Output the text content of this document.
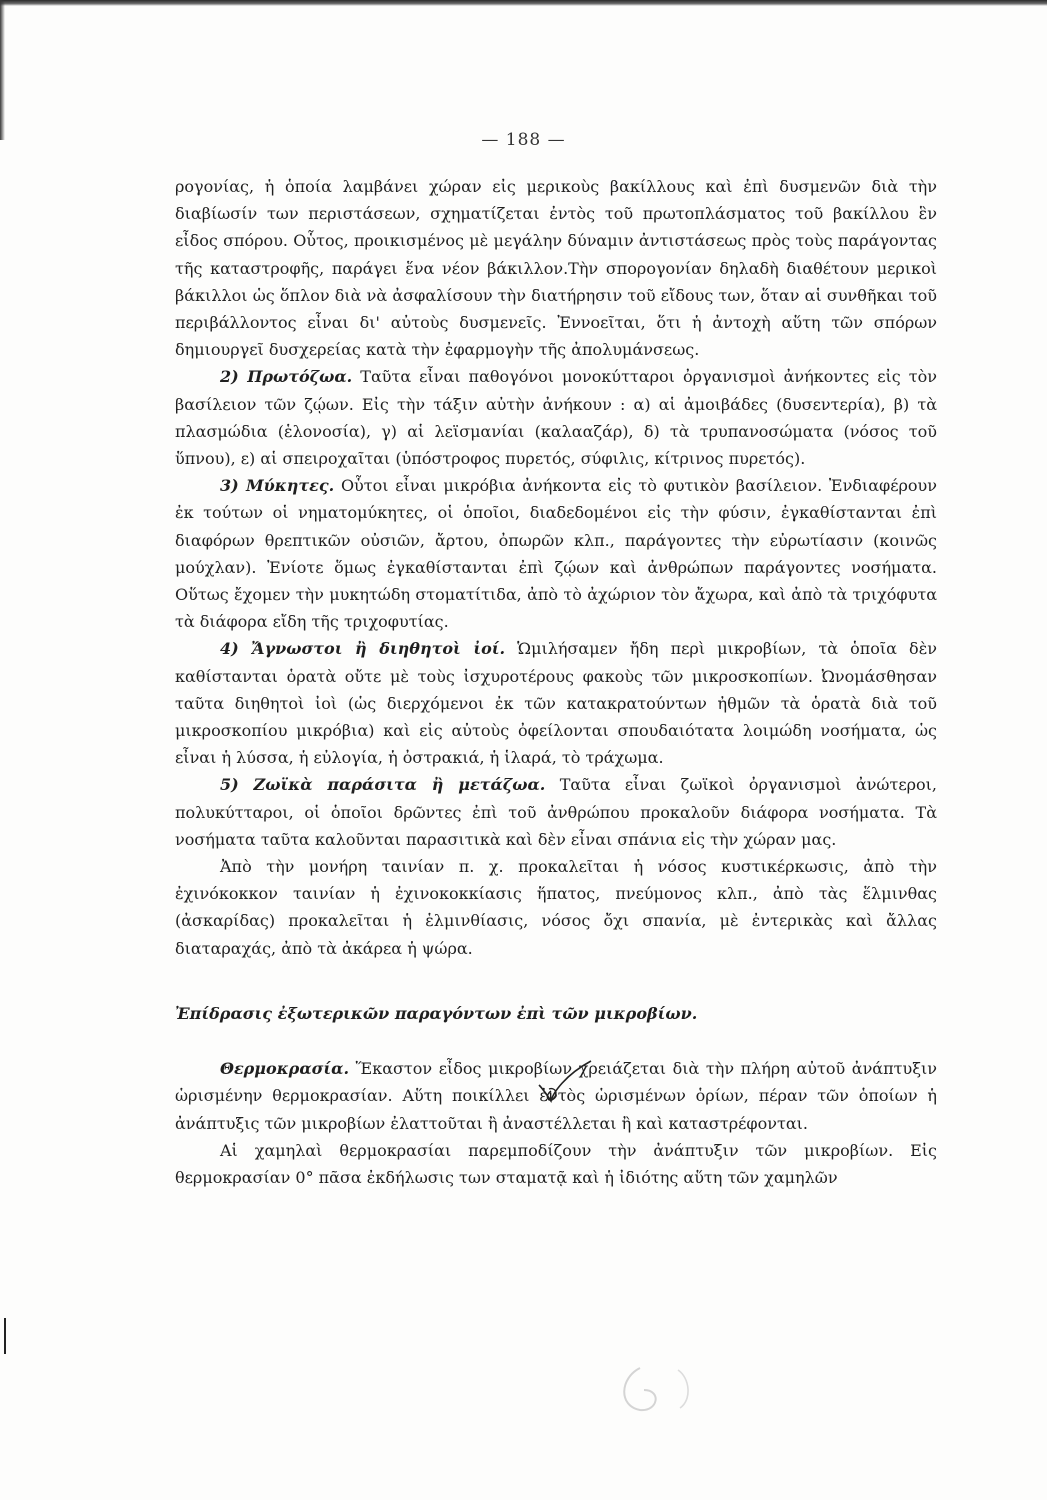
— 188 —

ρογονίας, ἡ ὁποία λαμβάνει χώραν εἰς μερικοὺς βακίλλους καὶ ἐπὶ δυσμενῶν διὰ τὴν διαβίωσίν των περιστάσεων, σχηματίζεται ἐντὸς τοῦ πρωτοπλάσματος τοῦ βακίλλου ἓν εἶδος σπόρου. Οὗτος, προικισμένος μὲ μεγάλην δύναμιν ἀντιστάσεως πρὸς τοὺς παράγοντας τῆς καταστροφῆς, παράγει ἕνα νέον βάκιλλον.Τὴν σπορογονίαν δηλαδὴ διαθέτουν μερικοὶ βάκιλλοι ὡς ὅπλον διὰ νὰ ἀσφαλίσουν τὴν διατήρησιν τοῦ εἴδους των, ὅταν αἱ συνθῆκαι τοῦ περιβάλλοντος εἶναι δι' αὐτοὺς δυσμενεῖς. Ἐννοεῖται, ὅτι ἡ ἀντοχὴ αὕτη τῶν σπόρων δημιουργεῖ δυσχερείας κατὰ τὴν ἐφαρμογὴν τῆς ἀπολυμάνσεως.

2) Πρωτόζωα. Ταῦτα εἶναι παθογόνοι μονοκύτταροι ὀργανισμοὶ ἀνήκοντες εἰς τὸν βασίλειον τῶν ζῴων. Εἰς τὴν τάξιν αὐτὴν ἀνήκουν : α) αἱ ἀμοιβάδες (δυσεντερία), β) τὰ πλασμώδια (ἑλονοσία), γ) αἱ λεϊσμανίαι (καλααζάρ), δ) τὰ τρυπανοσώματα (νόσος τοῦ ὕπνου), ε) αἱ σπειροχαῖται (ὑπόστροφος πυρετός, σύφιλις, κίτρινος πυρετός).

3) Μύκητες. Οὗτοι εἶναι μικρόβια ἀνήκοντα εἰς τὸ φυτικὸν βασίλειον. Ἐνδιαφέρουν ἐκ τούτων οἱ νηματομύκητες, οἱ ὁποῖοι, διαδεδομένοι εἰς τὴν φύσιν, ἐγκαθίστανται ἐπὶ διαφόρων θρεπτικῶν οὐσιῶν, ἄρτου, ὀπωρῶν κλπ., παράγοντες τὴν εὐρωτίασιν (κοινῶς μούχλαν). Ἐνίοτε ὅμως ἐγκαθίστανται ἐπὶ ζῴων καὶ ἀνθρώπων παράγοντες νοσήματα. Οὕτως ἔχομεν τὴν μυκητώδη στοματίτιδα, ἀπὸ τὸ ἀχώριον τὸν ἄχωρα, καὶ ἀπὸ τὰ τριχόφυτα τὰ διάφορα εἴδη τῆς τριχοφυτίας.

4) Ἄγνωστοι ἢ διηθητοὶ ἰοί. Ὡμιλήσαμεν ἤδη περὶ μικροβίων, τὰ ὁποῖα δὲν καθίστανται ὁρατὰ οὔτε μὲ τοὺς ἰσχυροτέρους φακοὺς τῶν μικροσκοπίων. Ὠνομάσθησαν ταῦτα διηθητοὶ ἰοὶ (ὡς διερχόμενοι ἐκ τῶν κατακρατούντων ἠθμῶν τὰ ὁρατὰ διὰ τοῦ μικροσκοπίου μικρόβια) καὶ εἰς αὐτοὺς ὀφείλονται σπουδαιότατα λοιμώδη νοσήματα, ὡς εἶναι ἡ λύσσα, ἡ εὐλογία, ἡ ὀστρακιά, ἡ ἱλαρά, τὸ τράχωμα.

5) Ζωϊκὰ παράσιτα ἢ μετάζωα. Ταῦτα εἶναι ζωϊκοὶ ὀργανισμοὶ ἀνώτεροι, πολυκύτταροι, οἱ ὁποῖοι δρῶντες ἐπὶ τοῦ ἀνθρώπου προκαλοῦν διάφορα νοσήματα. Τὰ νοσήματα ταῦτα καλοῦνται παρασιτικὰ καὶ δὲν εἶναι σπάνια εἰς τὴν χώραν μας.

Ἀπὸ τὴν μονήρη ταινίαν π. χ. προκαλεῖται ἡ νόσος κυστικέρκωσις, ἀπὸ τὴν ἐχινόκοκκον ταινίαν ἡ ἐχινοκοκκίασις ἥπατος, πνεύμονος κλπ., ἀπὸ τὰς ἕλμινθας (ἀσκαρίδας) προκαλεῖται ἡ ἑλμινθίασις, νόσος ὄχι σπανία, μὲ ἐντερικὰς καὶ ἄλλας διαταραχάς, ἀπὸ τὰ ἀκάρεα ἡ ψώρα.

Ἐπίδρασις ἐξωτερικῶν παραγόντων ἐπὶ τῶν μικροβίων.

Θερμοκρασία. Ἕκαστον εἶδος μικροβίων χρειάζεται διὰ τὴν πλήρη αὐτοῦ ἀνάπτυξιν ὡρισμένην θερμοκρασίαν. Αὕτη ποικίλλει ἐντὸς ὡρισμένων ὁρίων, πέραν τῶν ὁποίων ἡ ἀνάπτυξις τῶν μικροβίων ἐλαττοῦται ἢ ἀναστέλλεται ἢ καὶ καταστρέφονται.

Αἱ χαμηλαὶ θερμοκρασίαι παρεμποδίζουν τὴν ἀνάπτυξιν τῶν μικροβίων. Εἰς θερμοκρασίαν 0° πᾶσα ἐκδήλωσις των σταματᾷ καὶ ἡ ἰδιότης αὕτη τῶν χαμηλῶν
